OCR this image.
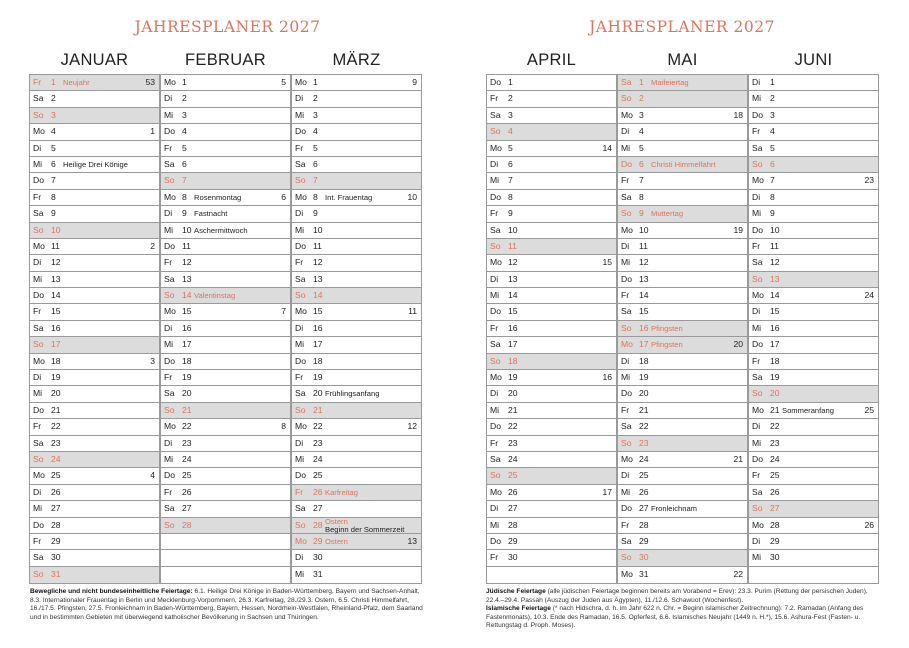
JAHRESPLANER 2027
JANUAR
Fr	1 Neujahr	53
Sa 2
So 3
Mo 4	1
Di	5
Mi	6 Heilige Drei Könige
Do 7
Fr	8
Sa 9
So 10
Mo 11	2
Di	12
Mi	13
Do 14
Fr	15
Sa 16
So 17
Mo 18	3
Di	19
Mi	20
Do 21
Fr	22
Sa 23
So 24
Mo 25	4
Di	26
Mi	27
Do 28
Fr	29
Sa 30
So 31
FEBRUAR
Mo 1	5
Di	2
Mi	3
Do 4
Fr	5
Sa 6
So 7
Mo 8 Rosenmontag	6
Di	9 Fastnacht
Mi	10 Aschermittwoch
Do 11
Fr	12
Sa 13
So 14 Valentinstag
Mo 15	7
Di	16
Mi	17
Do 18
Fr	19
Sa 20
So 21
Mo 22	8
Di	23
Mi	24
Do 25
Fr	26
Sa 27
So 28
MÄRZ
Mo 1	9
Di	2
Mi	3
Do 4
Fr	5
Sa 6
So 7
Mo 8 Int. Frauentag	10
Di	9
Mi	10
Do 11
Fr	12
Sa 13
So 14
Mo 15	11
Di	16
Mi	17
Do 18
Fr	19
Sa 20 Frühlingsanfang
So 21
Mo 22	12
Di	23
Mi	24
Do 25
Fr	26 Karfreitag
Sa 27
So 28 Ostern
Beginn der Sommerzeit
Mo 29 Ostern	13
Di	30
Mi	31
Bewegliche und nicht bundeseinheitliche Feiertage: 6.1. Heilige Drei Könige in Baden-Württemberg, Bayern und Sachsen-Anhalt, 8.3. Internationaler Frauentag in Berlin und Mecklenburg-Vorpommern, 26.3. Karfreitag, 28./29.3. Ostern, 6.5. Christi Himmelfahrt, 16./17.5. Pfingsten, 27.5. Fronleichnam in Baden-Württemberg, Bayern, Hessen, Nordrhein-Westfalen, Rheinland-Pfalz, dem Saarland und in bestimmten Gebieten mit überwiegend katholischer Bevölkerung in Sachsen und Thüringen.
JAHRESPLANER 2027
APRIL
Do 1
Fr	2
Sa 3
So 4
Mo 5	14
Di	6
Mi	7
Do 8
Fr	9
Sa 10
So 11
Mo 12	15
Di	13
Mi	14
Do 15
Fr	16
Sa 17
So 18
Mo 19	16
Di	20
Mi	21
Do 22
Fr	23
Sa 24
So 25
Mo 26	17
Di	27
Mi	28
Do 29
Fr	30
MAI
Sa 1 Maifeiertag
So 2
Mo 3	18
Di	4
Mi	5
Do 6 Christi Himmelfahrt
Fr	7
Sa 8
So 9 Muttertag
Mo 10	19
Di	11
Mi	12
Do 13
Fr	14
Sa 15
So 16 Pfingsten
Mo 17 Pfingsten	20
Di	18
Mi	19
Do 20
Fr	21
Sa 22
So 23
Mo 24	21
Di	25
Mi	26
Do 27 Fronleichnam
Fr	28
Sa 29
So 30
Mo 31	22
JUNI
Di	1
Mi	2
Do 3
Fr	4
Sa 5
So 6
Mo 7	23
Di	8
Mi	9
Do 10
Fr	11
Sa 12
So 13
Mo 14	24
Di	15
Mi	16
Do 17
Fr	18
Sa 19
So 20
Mo 21 Sommeranfang	25
Di	22
Mi	23
Do 24
Fr	25
Sa 26
So 27
Mo 28	26
Di	29
Mi	30
Jüdische Feiertage (alle jüdischen Feiertage beginnen bereits am Vorabend = Erev): 23.3. Purim (Rettung der persischen Juden), 22.4.–29.4. Passah (Auszug der Juden aus Ägypten), 11./12.6. Schawuot (Wochenfest).
Islamische Feiertage (* nach Hidschra, d. h. im Jahr 622 n. Chr. = Beginn islamischer Zeitrechnung): 7.2. Ramadan (Anfang des Fastenmonats), 10.3. Ende des Ramadan, 16.5. Opferfest, 6.6. Islamisches Neujahr (1449 n. H.*), 15.6. Ashura-Fest (Fasten- u. Rettungstag d. Proph. Moses).
